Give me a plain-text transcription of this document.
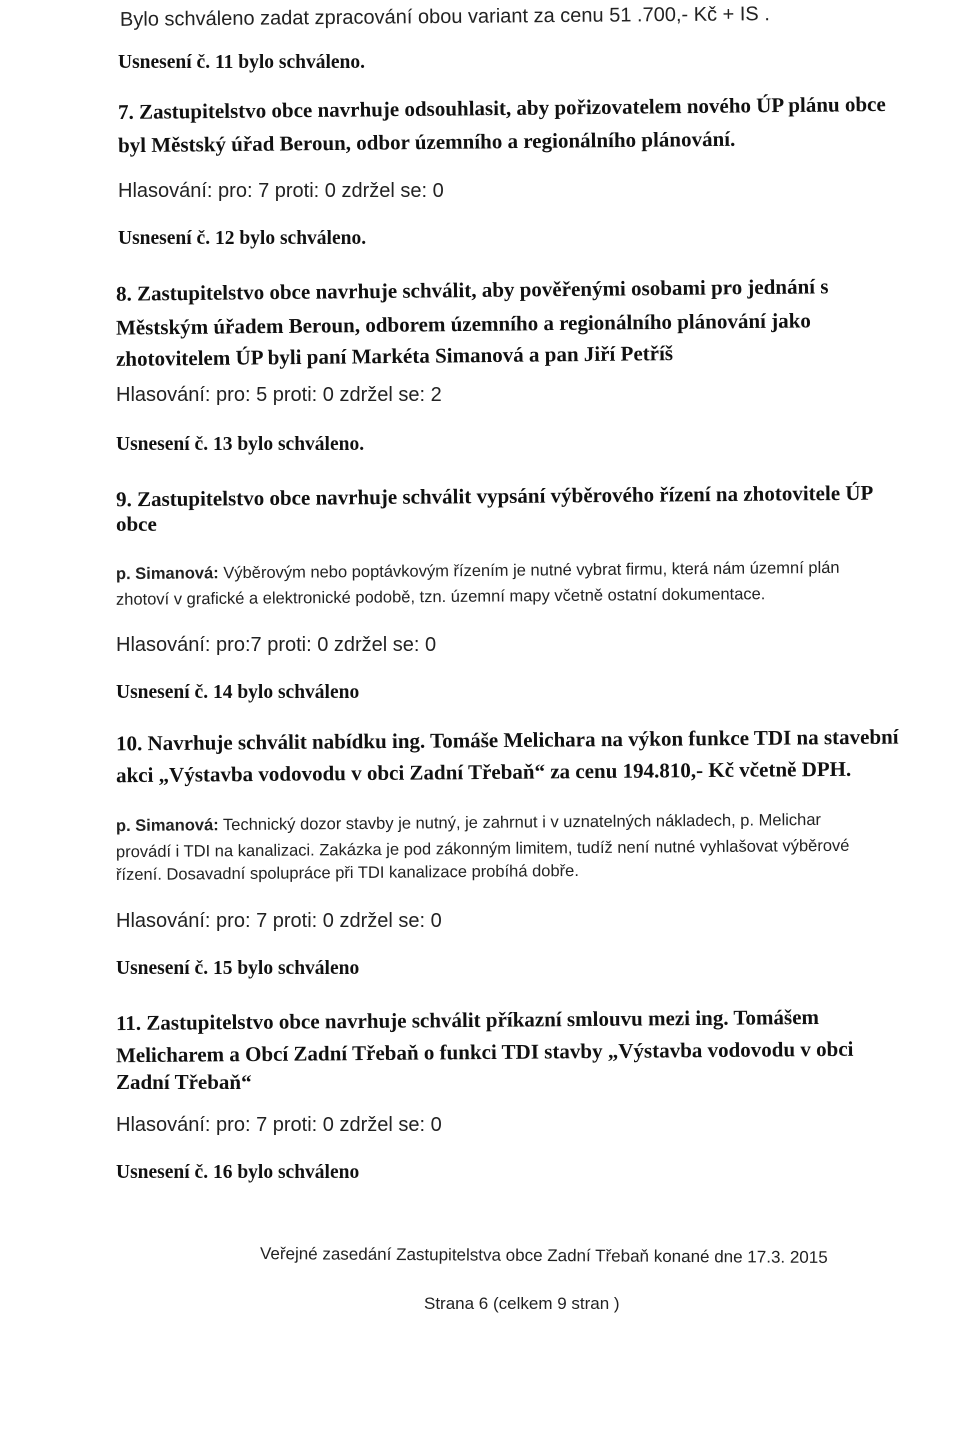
Bylo schváleno zadat zpracování obou variant za cenu 51 .700,- Kč + IS .
Usnesení č. 11 bylo schváleno.
7. Zastupitelstvo obce navrhuje odsouhlasit, aby pořizovatelem nového ÚP plánu obce
byl Městský úřad Beroun, odbor územního a regionálního plánování.
Hlasování: pro: 7 proti: 0 zdržel se: 0
Usnesení č. 12 bylo schváleno.
8. Zastupitelstvo obce navrhuje schválit, aby pověřenými osobami pro jednání s
Městským úřadem Beroun, odborem územního a regionálního plánování jako
zhotovitelem ÚP byli paní Markéta Simanová a pan Jiří Petříš
Hlasování: pro: 5 proti: 0 zdržel se: 2
Usnesení č. 13 bylo schváleno.
9. Zastupitelstvo obce navrhuje schválit vypsání výběrového řízení na zhotovitele ÚP
obce
p. Simanová: Výběrovým nebo poptávkovým řízením je nutné vybrat firmu, která nám územní plán
zhotoví v grafické a elektronické podobě, tzn. územní mapy včetně ostatní dokumentace.
Hlasování: pro:7 proti: 0 zdržel se: 0
Usnesení č. 14 bylo schváleno
10. Navrhuje schválit nabídku ing. Tomáše Melichara na výkon funkce TDI na stavební
akci „Výstavba vodovodu v obci Zadní Třebaň“ za cenu 194.810,- Kč včetně DPH.
p. Simanová: Technický dozor stavby je nutný, je zahrnut i v uznatelných nákladech, p. Melichar
provádí i TDI na kanalizaci. Zakázka je pod zákonným limitem, tudíž není nutné vyhlašovat výběrové
řízení. Dosavadní spolupráce při TDI kanalizace probíhá dobře.
Hlasování: pro: 7 proti: 0 zdržel se: 0
Usnesení č. 15 bylo schváleno
11. Zastupitelstvo obce navrhuje schválit příkazní smlouvu mezi ing. Tomášem
Melicharem a Obcí Zadní Třebaň o funkci TDI stavby „Výstavba vodovodu v obci
Zadní Třebaň“
Hlasování: pro: 7 proti: 0 zdržel se: 0
Usnesení č. 16 bylo schváleno
Veřejné zasedání Zastupitelstva obce Zadní Třebaň konané dne 17.3. 2015
Strana 6 (celkem 9 stran )
